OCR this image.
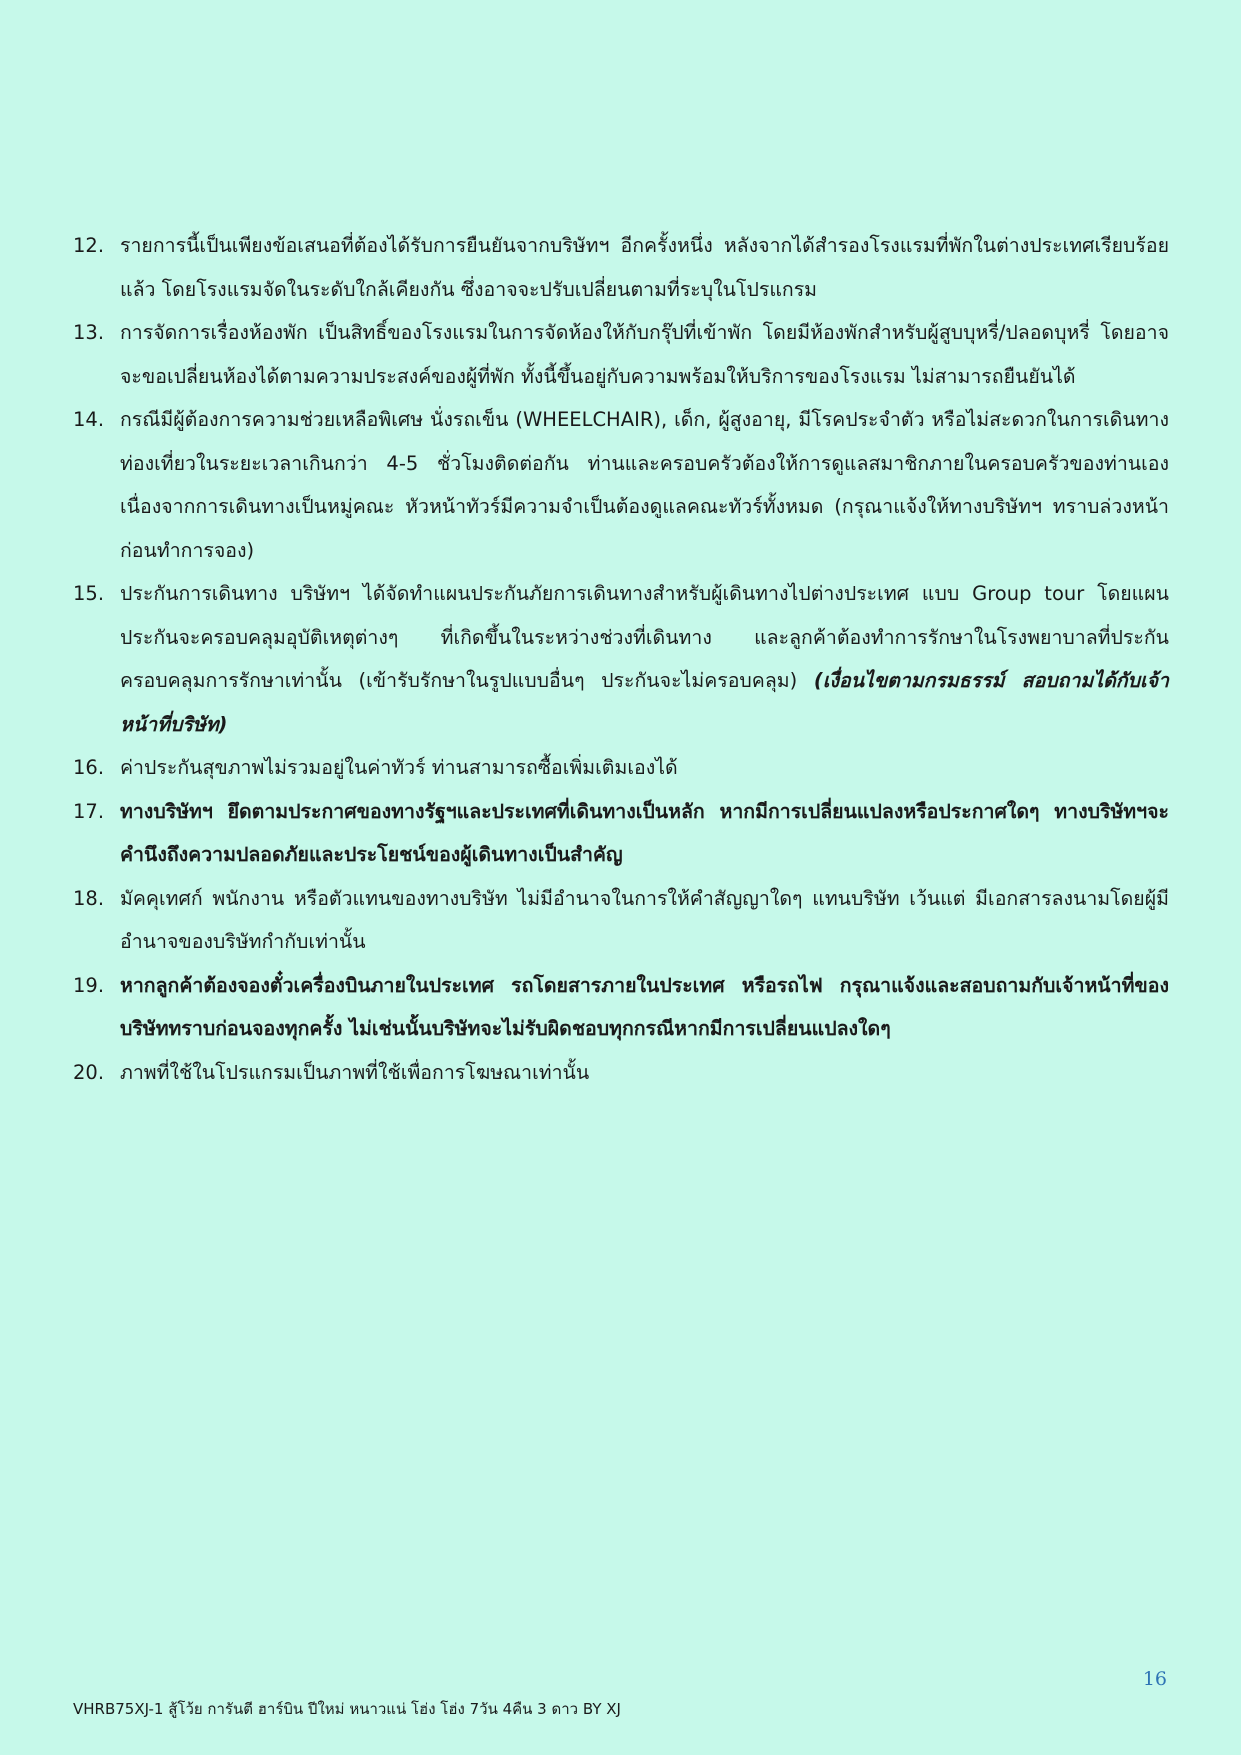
12. รายการนี้เป็นเพียงข้อเสนอที่ต้องได้รับการยืนยันจากบริษัทฯ อีกครั้งหนึ่ง หลังจากได้สำรองโรงแรมที่พักในต่างประเทศเรียบร้อยแล้ว โดยโรงแรมจัดในระดับใกล้เคียงกัน ซึ่งอาจจะปรับเปลี่ยนตามที่ระบุในโปรแกรม
13. การจัดการเรื่องห้องพัก เป็นสิทธิ์ของโรงแรมในการจัดห้องให้กับกรุ๊ปที่เข้าพัก โดยมีห้องพักสำหรับผู้สูบบุหรี่/ปลอดบุหรี่ โดยอาจจะขอเปลี่ยนห้องได้ตามความประสงค์ของผู้ที่พัก ทั้งนี้ขึ้นอยู่กับความพร้อมให้บริการของโรงแรม ไม่สามารถยืนยันได้
14. กรณีมีผู้ต้องการความช่วยเหลือพิเศษ นั่งรถเข็น (WHEELCHAIR), เด็ก, ผู้สูงอายุ, มีโรคประจำตัว หรือไม่สะดวกในการเดินทางท่องเที่ยวในระยะเวลาเกินกว่า 4-5 ชั่วโมงติดต่อกัน ท่านและครอบครัวต้องให้การดูแลสมาชิกภายในครอบครัวของท่านเอง เนื่องจากการเดินทางเป็นหมู่คณะ หัวหน้าทัวร์มีความจำเป็นต้องดูแลคณะทัวร์ทั้งหมด (กรุณาแจ้งให้ทางบริษัทฯ ทราบล่วงหน้าก่อนทำการจอง)
15. ประกันการเดินทาง บริษัทฯ ได้จัดทำแผนประกันภัยการเดินทางสำหรับผู้เดินทางไปต่างประเทศ แบบ Group tour โดยแผนประกันจะครอบคลุมอุบัติเหตุต่างๆ ที่เกิดขึ้นในระหว่างช่วงที่เดินทาง และลูกค้าต้องทำการรักษาในโรงพยาบาลที่ประกันครอบคลุมการรักษาเท่านั้น (เข้ารับรักษาในรูปแบบอื่นๆ ประกันจะไม่ครอบคลุม) (เงื่อนไขตามกรมธรรม์ สอบถามได้กับเจ้าหน้าที่บริษัท)
16. ค่าประกันสุขภาพไม่รวมอยู่ในค่าทัวร์ ท่านสามารถซื้อเพิ่มเติมเองได้
17. ทางบริษัทฯ ยึดตามประกาศของทางรัฐฯและประเทศที่เดินทางเป็นหลัก หากมีการเปลี่ยนแปลงหรือประกาศใดๆ ทางบริษัทฯจะคำนึงถึงความปลอดภัยและประโยชน์ของผู้เดินทางเป็นสำคัญ
18. มัคคุเทศก์ พนักงาน หรือตัวแทนของทางบริษัท ไม่มีอำนาจในการให้คำสัญญาใดๆ แทนบริษัท เว้นแต่ มีเอกสารลงนามโดยผู้มีอำนาจของบริษัทกำกับเท่านั้น
19. หากลูกค้าต้องจองตั๋วเครื่องบินภายในประเทศ รถโดยสารภายในประเทศ หรือรถไฟ กรุณาแจ้งและสอบถามกับเจ้าหน้าที่ของบริษัททราบก่อนจองทุกครั้ง ไม่เช่นนั้นบริษัทจะไม่รับผิดชอบทุกกรณีหากมีการเปลี่ยนแปลงใดๆ
20. ภาพที่ใช้ในโปรแกรมเป็นภาพที่ใช้เพื่อการโฆษณาเท่านั้น
16
VHRB75XJ-1 สู้โว้ย การันตี ฮาร์บิน ปีใหม่ หนาวแน่ โฮ่ง โฮ่ง 7วัน 4คืน 3 ดาว BY XJ
